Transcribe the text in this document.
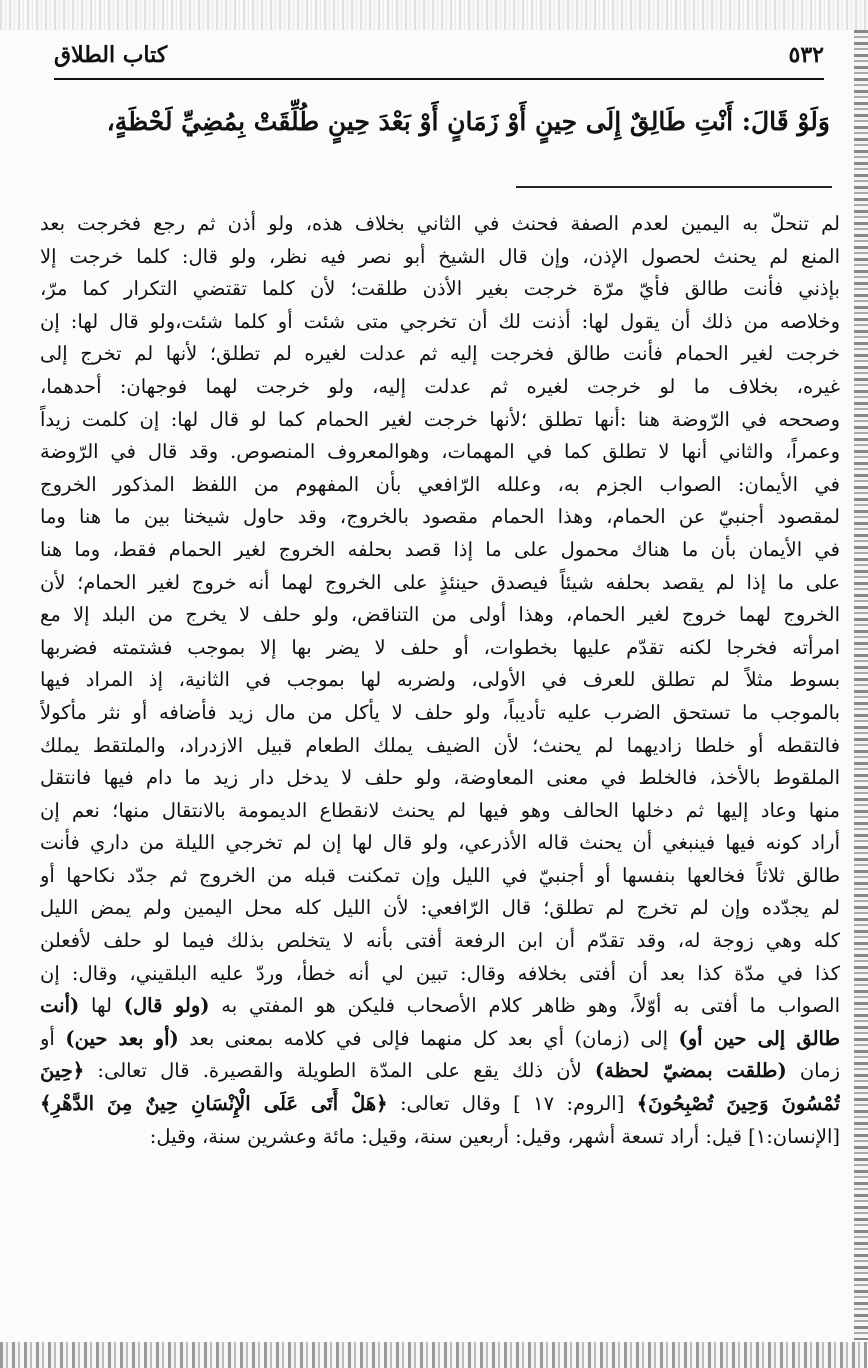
كتاب الطلاق	٥٣٢
وَلَوْ قَالَ: أَنْتِ طَالِقٌ إِلَى حِينٍ أَوْ زَمَانٍ أَوْ بَعْدَ حِينٍ طُلِّقَتْ بِمُضِيِّ لَحْظَةٍ،
لم تنحلّ به اليمين لعدم الصفة فحنث في الثاني بخلاف هذه، ولو أذن ثم رجع فخرجت بعد
المنع لم يحنث لحصول الإذن، وإن قال الشيخ أبو نصر فيه نظر، ولو قال: كلما خرجت إلا
بإذني فأنت طالق فأيّ مرّة خرجت بغير الأذن طلقت؛ لأن كلما تقتضي التكرار كما مرّ،
وخلاصه من ذلك أن يقول لها: أذنت لك أن تخرجي متى شئت أو كلما شئت،ولو قال لها: إن
خرجت لغير الحمام فأنت طالق فخرجت إليه ثم عدلت لغيره لم تطلق؛ لأنها لم تخرج إلى
غيره، بخلاف ما لو خرجت لغيره ثم عدلت إليه، ولو خرجت لهما فوجهان: أحدهما،
وصححه في الرّوضة هنا :أنها تطلق ؛لأنها خرجت لغير الحمام كما لو قال لها: إن كلمت زيداً
وعمراً، والثاني أنها لا تطلق كما في المهمات، وهوالمعروف المنصوص. وقد قال في الرّوضة
في الأيمان: الصواب الجزم به، وعلله الرّافعي بأن المفهوم من اللفظ المذكور الخروج
لمقصود أجنبيّ عن الحمام، وهذا الحمام مقصود بالخروج، وقد حاول شيخنا بين ما هنا وما
في الأيمان بأن ما هناك محمول على ما إذا قصد بحلفه الخروج لغير الحمام فقط، وما هنا
على ما إذا لم يقصد بحلفه شيئاً فيصدق حينئذٍ على الخروج لهما أنه خروج لغير الحمام؛ لأن
الخروج لهما خروج لغير الحمام، وهذا أولى من التناقض، ولو حلف لا يخرج من البلد إلا مع
امرأته فخرجا لكنه تقدّم عليها بخطوات، أو حلف لا يضر بها إلا بموجب فشتمته فضربها
بسوط مثلاً لم تطلق للعرف في الأولى، ولضربه لها بموجب في الثانية، إذ المراد فيها
بالموجب ما تستحق الضرب عليه تأديباً، ولو حلف لا يأكل من مال زيد فأضافه أو نثر مأكولاً
فالتقطه أو خلطا زاديهما لم يحنث؛ لأن الضيف يملك الطعام قبيل الازدراد، والملتقط يملك
الملقوط بالأخذ، فالخلط في معنى المعاوضة، ولو حلف لا يدخل دار زيد ما دام فيها فانتقل
منها وعاد إليها ثم دخلها الحالف وهو فيها لم يحنث لانقطاع الديمومة بالانتقال منها؛ نعم إن
أراد كونه فيها فينبغي أن يحنث قاله الأذرعي، ولو قال لها إن لم تخرجي الليلة من داري فأنت
طالق ثلاثاً فخالعها بنفسها أو أجنبيّ في الليل وإن تمكنت قبله من الخروج ثم جدّد نكاحها أو
لم يجدّده وإن لم تخرج لم تطلق؛ قال الرّافعي: لأن الليل كله محل اليمين ولم يمض الليل
كله وهي زوجة له، وقد تقدّم أن ابن الرفعة أفتى بأنه لا يتخلص بذلك فيما لو حلف لأفعلن
كذا في مدّة كذا بعد أن أفتى بخلافه وقال: تبين لي أنه خطأ، وردّ عليه البلقيني، وقال: إن
الصواب ما أفتى به أوّلاً، وهو ظاهر كلام الأصحاب فليكن هو المفتي به (ولو قال) لها (أنت
طالق إلى حين أو) إلى (زمان) أي بعد كل منهما فإلى في كلامه بمعنى بعد (أو بعد حين) أو
زمان (طلقت بمضيّ لحظة) لأن ذلك يقع على المدّة الطويلة والقصيرة. قال تعالى: ﴿حِينَ
تُمْسُونَ وَحِينَ تُصْبِحُونَ﴾ [الروم: ١٧ ] وقال تعالى: ﴿هَلْ أَتَى عَلَى الْإِنْسَانِ حِينٌ مِنَ الدَّهْرِ﴾
[الإنسان:١] قيل: أراد تسعة أشهر، وقيل: أربعين سنة، وقيل: مائة وعشرين سنة، وقيل:
